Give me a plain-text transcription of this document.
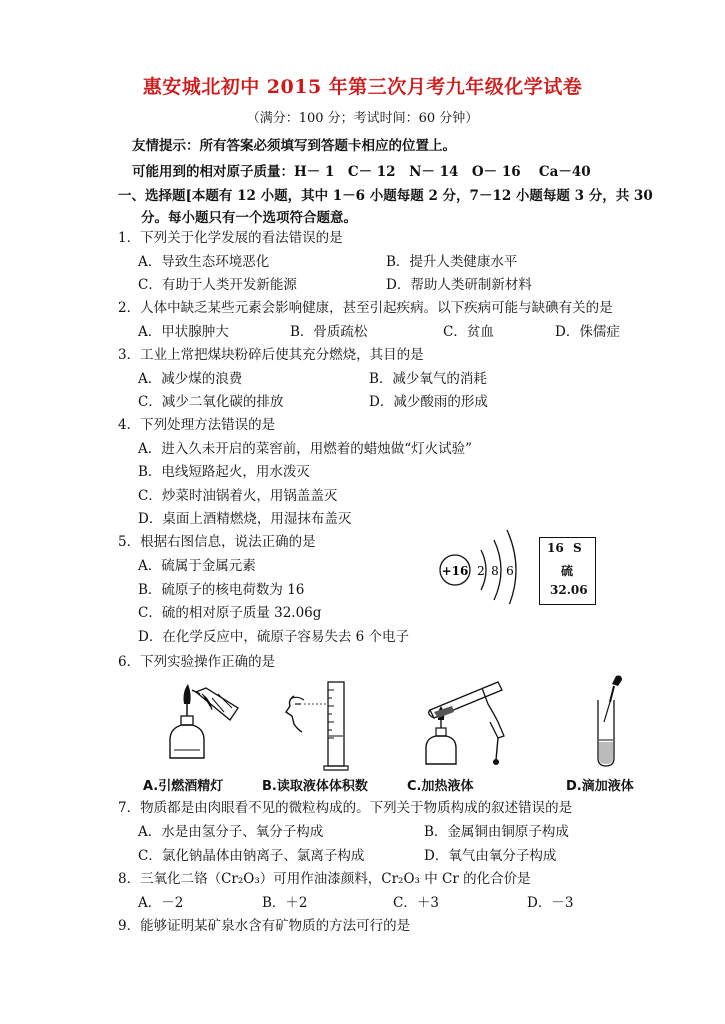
惠安城北初中 2015 年第三次月考九年级化学试卷
（满分：100 分；考试时间：60 分钟）
友情提示：所有答案必须填写到答题卡相应的位置上。
可能用到的相对原子质量：H－ 1　C－ 12　N－ 14　O－ 16　 Ca－40
一、选择题[本题有 12 小题，其中 1－6 小题每题 2 分，7－12 小题每题 3 分，共 30
分。每小题只有一个选项符合题意。
1．下列关于化学发展的看法错误的是
A．导致生态环境恶化	B．提升人类健康水平
C．有助于人类开发新能源	D．帮助人类研制新材料
2．人体中缺乏某些元素会影响健康，甚至引起疾病。以下疾病可能与缺碘有关的是
A．甲状腺肿大	B．骨质疏松	C．贫血	D．侏儒症
3．工业上常把煤块粉碎后使其充分燃烧，其目的是
A．减少煤的浪费	B．减少氧气的消耗
C．减少二氧化碳的排放	D．减少酸雨的形成
4．下列处理方法错误的是
A．进入久未开启的菜窖前，用燃着的蜡烛做“灯火试验”
B．电线短路起火，用水泼灭
C．炒菜时油锅着火，用锅盖盖灭
D．桌面上酒精燃烧，用湿抹布盖灭
5．根据右图信息，说法正确的是
A．硫属于金属元素
B．硫原子的核电荷数为 16
C．硫的相对原子质量 32.06g
D．在化学反应中，硫原子容易失去 6 个电子
+16 2 8 6
16 S
硫
32.06
6．下列实验操作正确的是
A.引燃酒精灯	B.读取液体体积数	C.加热液体	D.滴加液体
7．物质都是由肉眼看不见的微粒构成的。下列关于物质构成的叙述错误的是
A．水是由氢分子、氧分子构成	B．金属铜由铜原子构成
C．氯化钠晶体由钠离子、氯离子构成	D．氧气由氧分子构成
8．三氧化二铬（Cr₂O₃）可用作油漆颜料，Cr₂O₃ 中 Cr 的化合价是
A．－2	B．＋2	C．＋3	D．－3
9．能够证明某矿泉水含有矿物质的方法可行的是
